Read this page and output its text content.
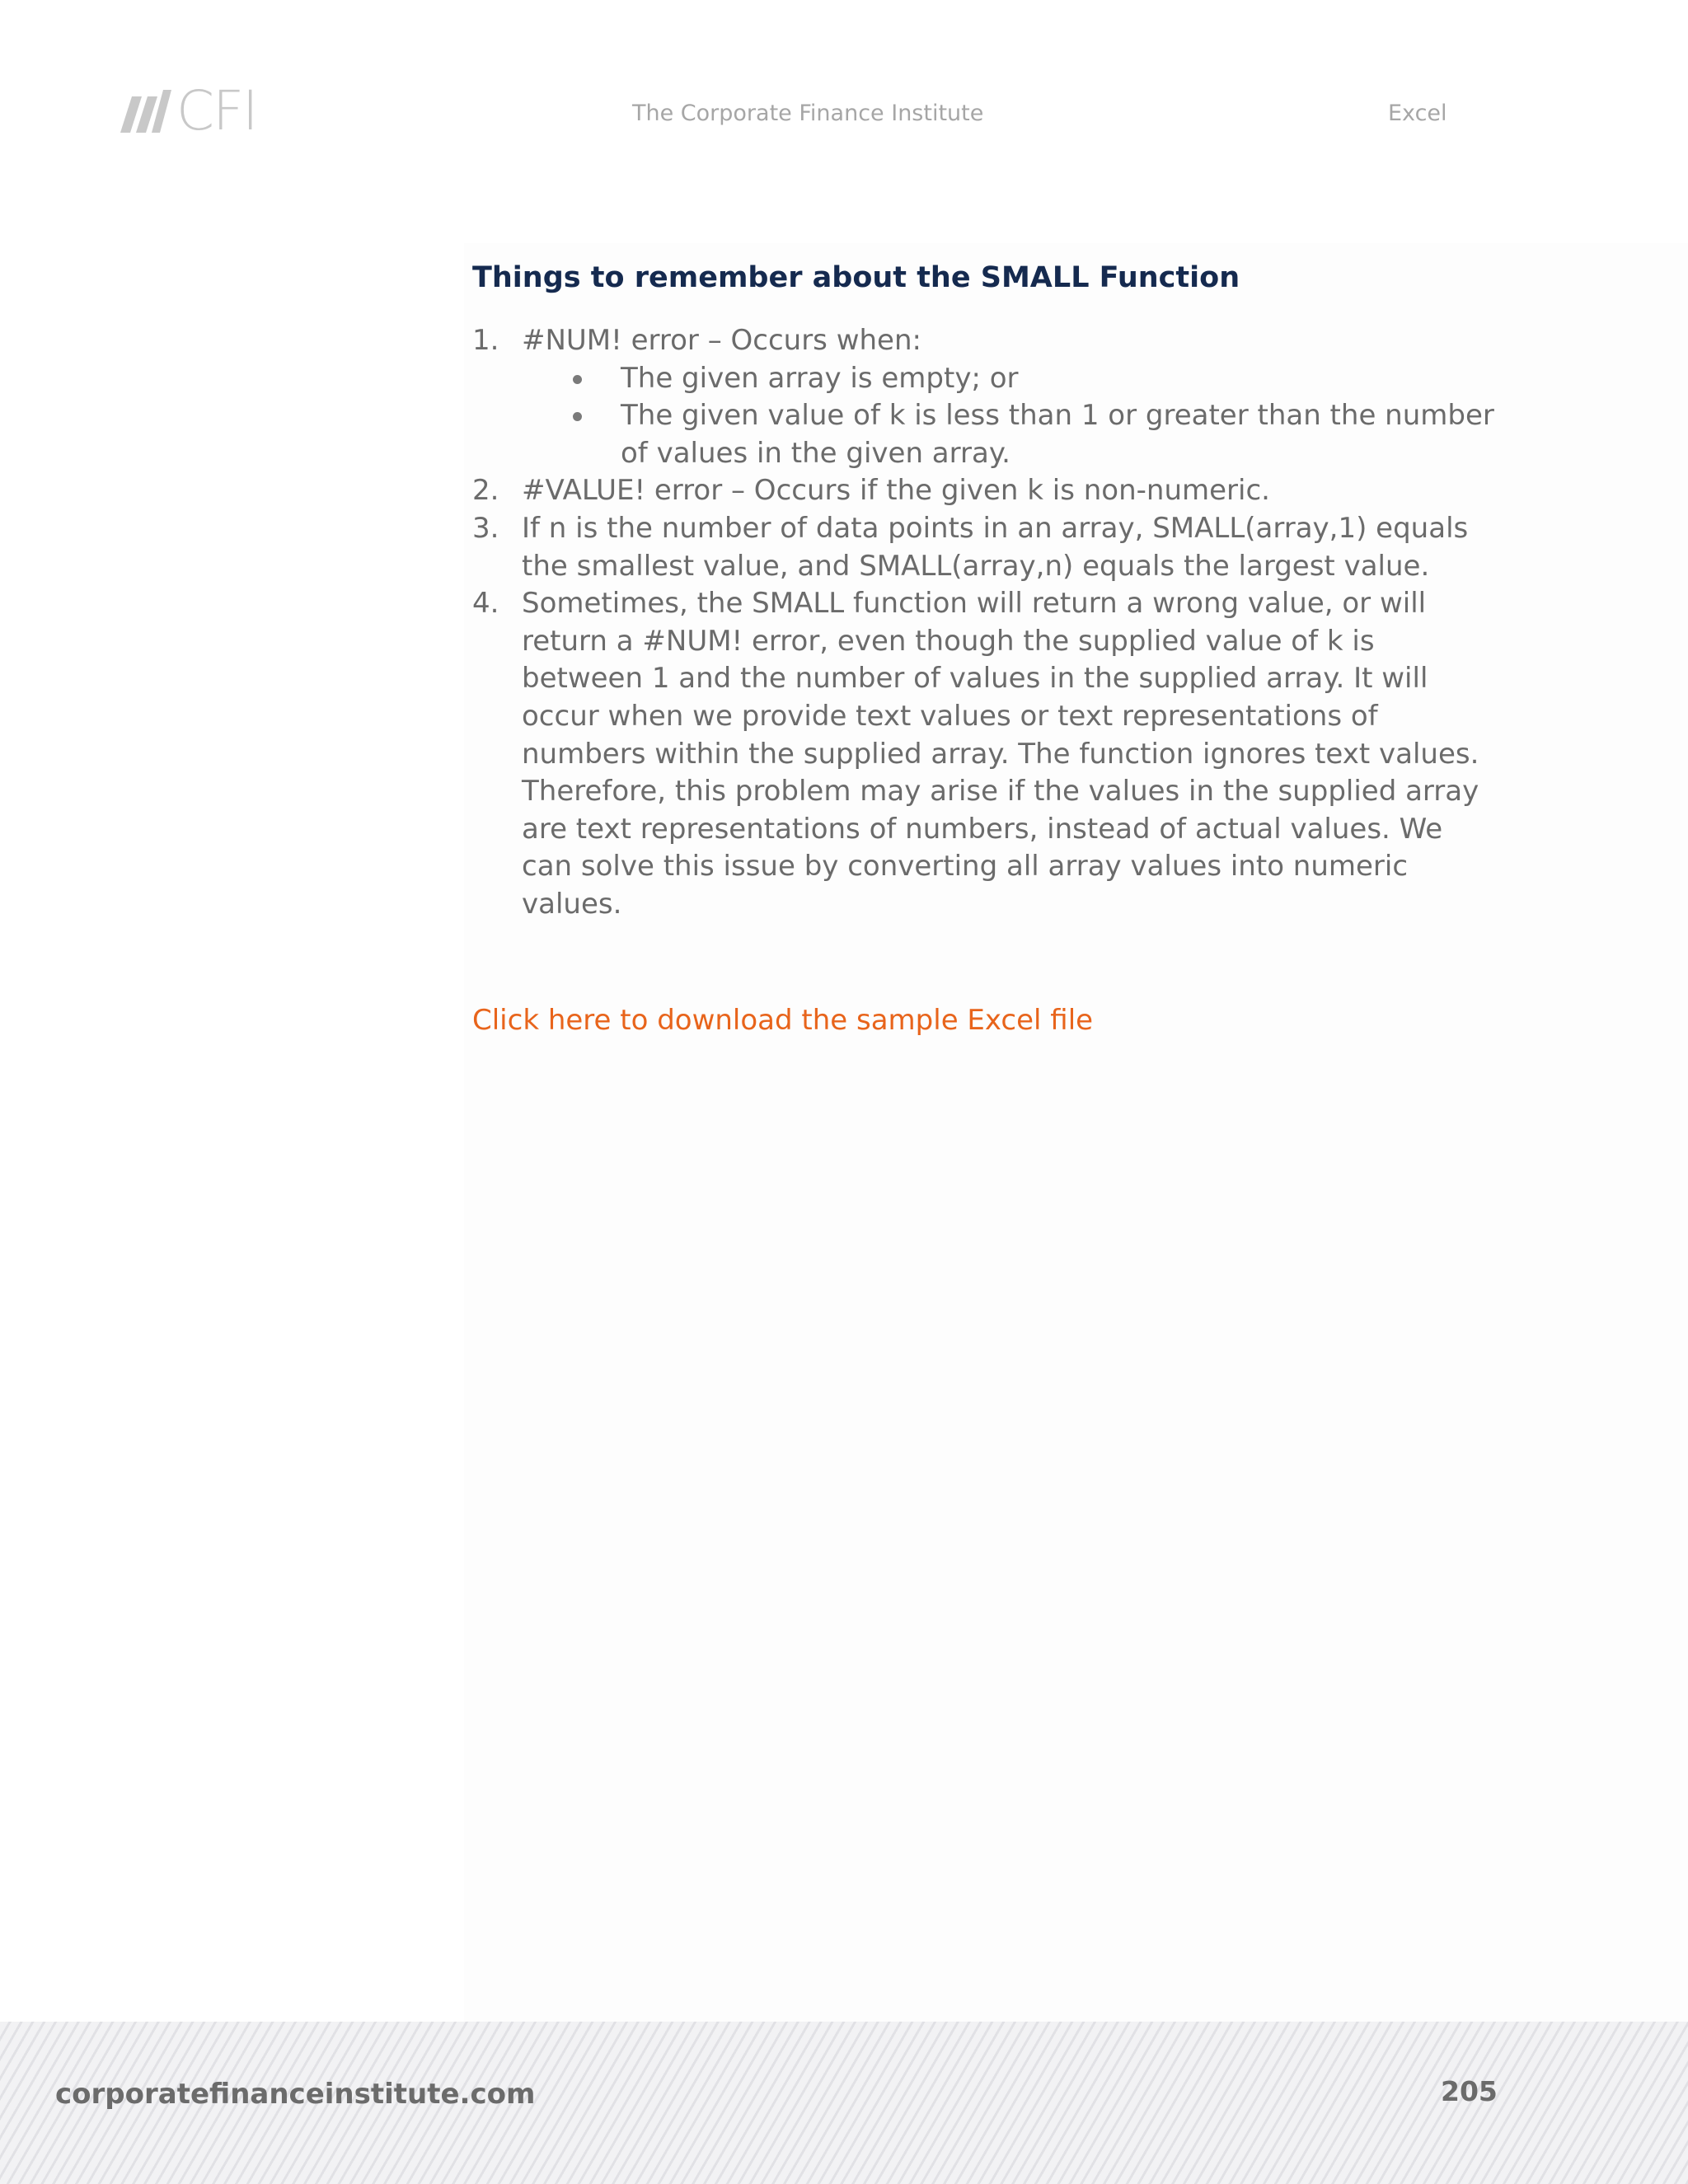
CFI	The Corporate Finance Institute	Excel
Things to remember about the SMALL Function
1. #NUM! error – Occurs when:
The given array is empty; or
The given value of k is less than 1 or greater than the number of values in the given array.
2. #VALUE! error – Occurs if the given k is non-numeric.
3. If n is the number of data points in an array, SMALL(array,1) equals the smallest value, and SMALL(array,n) equals the largest value.
4. Sometimes, the SMALL function will return a wrong value, or will return a #NUM! error, even though the supplied value of k is between 1 and the number of values in the supplied array. It will occur when we provide text values or text representations of numbers within the supplied array. The function ignores text values. Therefore, this problem may arise if the values in the supplied array are text representations of numbers, instead of actual values. We can solve this issue by converting all array values into numeric values.
Click here to download the sample Excel file
corporatefinanceinstitute.com	205
